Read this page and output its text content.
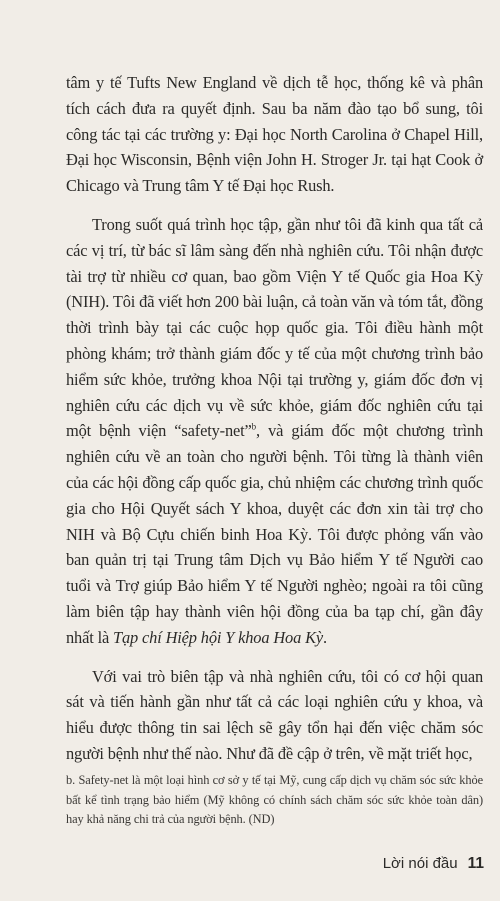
tâm y tế Tufts New England về dịch tễ học, thống kê và phân tích cách đưa ra quyết định. Sau ba năm đào tạo bổ sung, tôi công tác tại các trường y: Đại học North Carolina ở Chapel Hill, Đại học Wisconsin, Bệnh viện John H. Stroger Jr. tại hạt Cook ở Chicago và Trung tâm Y tế Đại học Rush.

Trong suốt quá trình học tập, gần như tôi đã kinh qua tất cả các vị trí, từ bác sĩ lâm sàng đến nhà nghiên cứu. Tôi nhận được tài trợ từ nhiều cơ quan, bao gồm Viện Y tế Quốc gia Hoa Kỳ (NIH). Tôi đã viết hơn 200 bài luận, cả toàn văn và tóm tắt, đồng thời trình bày tại các cuộc họp quốc gia. Tôi điều hành một phòng khám; trở thành giám đốc y tế của một chương trình bảo hiểm sức khỏe, trưởng khoa Nội tại trường y, giám đốc đơn vị nghiên cứu các dịch vụ về sức khỏe, giám đốc nghiên cứu tại một bệnh viện “safety-net”$^b$, và giám đốc một chương trình nghiên cứu về an toàn cho người bệnh. Tôi từng là thành viên của các hội đồng cấp quốc gia, chủ nhiệm các chương trình quốc gia cho Hội Quyết sách Y khoa, duyệt các đơn xin tài trợ cho NIH và Bộ Cựu chiến binh Hoa Kỳ. Tôi được phỏng vấn vào ban quản trị tại Trung tâm Dịch vụ Bảo hiểm Y tế Người cao tuổi và Trợ giúp Bảo hiểm Y tế Người nghèo; ngoài ra tôi cũng làm biên tập hay thành viên hội đồng của ba tạp chí, gần đây nhất là Tạp chí Hiệp hội Y khoa Hoa Kỳ.

Với vai trò biên tập và nhà nghiên cứu, tôi có cơ hội quan sát và tiến hành gần như tất cả các loại nghiên cứu y khoa, và hiểu được thông tin sai lệch sẽ gây tổn hại đến việc chăm sóc người bệnh như thế nào. Như đã đề cập ở trên, về mặt triết học,

b. Safety-net là một loại hình cơ sở y tế tại Mỹ, cung cấp dịch vụ chăm sóc sức khỏe bất kể tình trạng bảo hiểm (Mỹ không có chính sách chăm sóc sức khỏe toàn dân) hay khả năng chi trả của người bệnh. (ND)
Lời nói đầu 11
